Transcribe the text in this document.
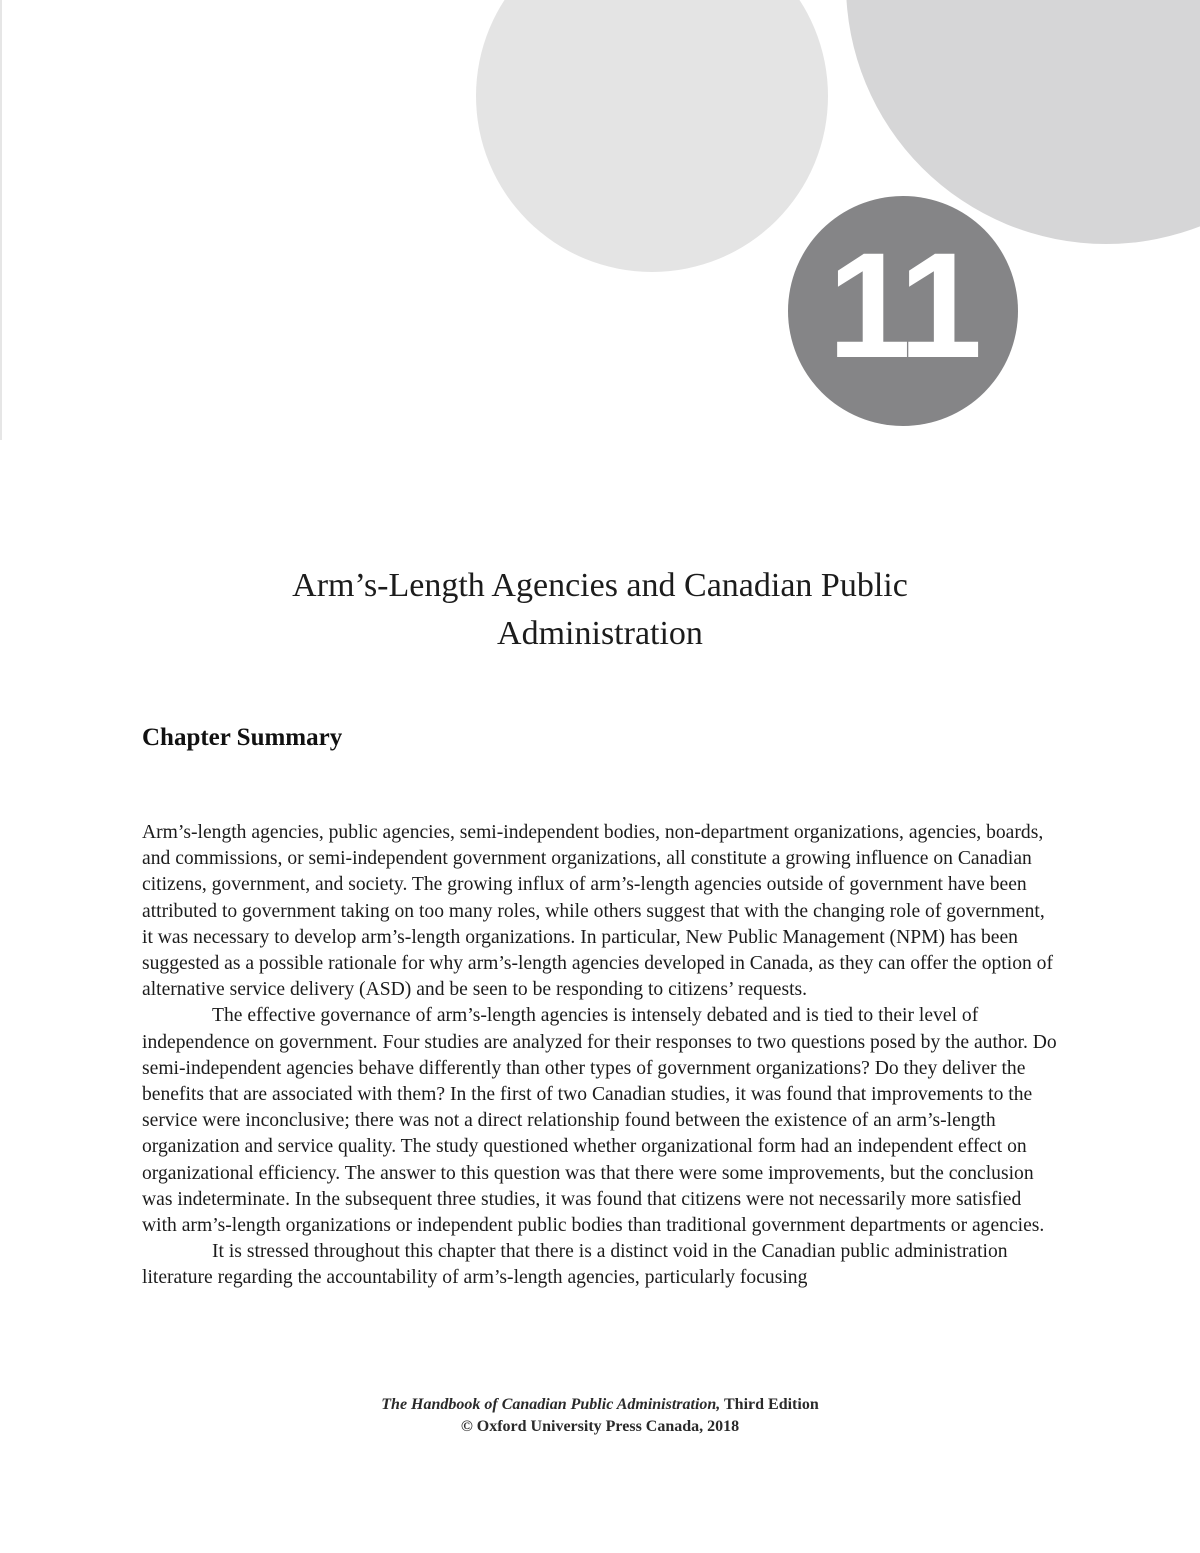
11
Arm’s-Length Agencies and Canadian Public
Administration
Chapter Summary

Arm’s-length agencies, public agencies, semi-independent bodies, non-department organizations, agencies, boards, and commissions, or semi-independent government organizations, all constitute a growing influence on Canadian citizens, government, and society. The growing influx of arm’s-length agencies outside of government have been attributed to government taking on too many roles, while others suggest that with the changing role of government, it was necessary to develop arm’s-length organizations. In particular, New Public Management (NPM) has been suggested as a possible rationale for why arm’s-length agencies developed in Canada, as they can offer the option of alternative service delivery (ASD) and be seen to be responding to citizens’ requests.

The effective governance of arm’s-length agencies is intensely debated and is tied to their level of independence on government. Four studies are analyzed for their responses to two questions posed by the author. Do semi-independent agencies behave differently than other types of government organizations? Do they deliver the benefits that are associated with them? In the first of two Canadian studies, it was found that improvements to the service were inconclusive; there was not a direct relationship found between the existence of an arm’s-length organization and service quality. The study questioned whether organizational form had an independent effect on organizational efficiency. The answer to this question was that there were some improvements, but the conclusion was indeterminate. In the subsequent three studies, it was found that citizens were not necessarily more satisfied with arm’s-length organizations or independent public bodies than traditional government departments or agencies.

It is stressed throughout this chapter that there is a distinct void in the Canadian public administration literature regarding the accountability of arm’s-length agencies, particularly focusing

The Handbook of Canadian Public Administration, Third Edition
© Oxford University Press Canada, 2018
